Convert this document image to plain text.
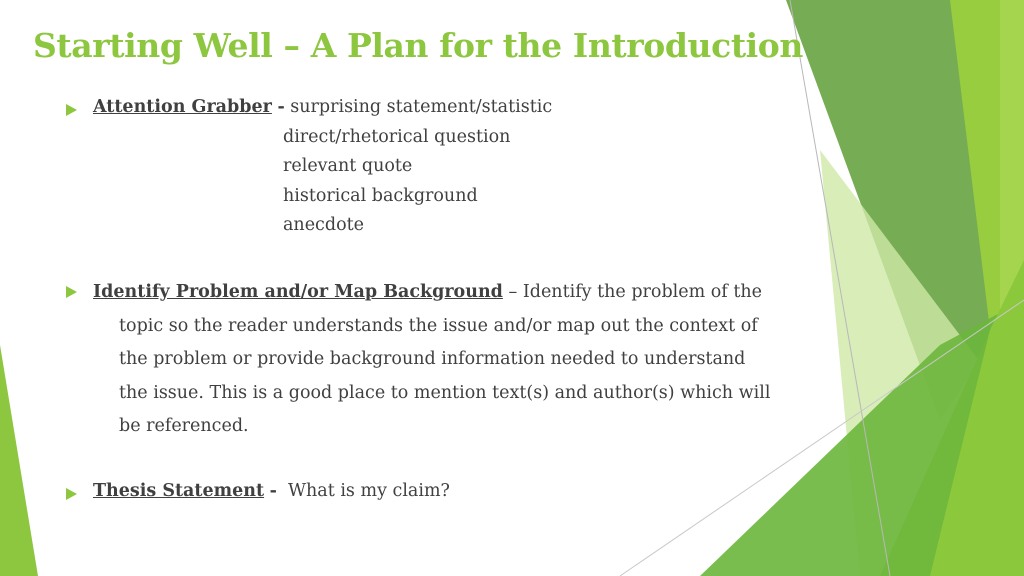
Starting Well – A Plan for the Introduction
Attention Grabber - surprising statement/statistic
direct/rhetorical question
relevant quote
historical background
anecdote
Identify Problem and/or Map Background – Identify the problem of the topic so the reader understands the issue and/or map out the context of the problem or provide background information needed to understand the issue. This is a good place to mention text(s) and author(s) which will be referenced.
Thesis Statement - What is my claim?
